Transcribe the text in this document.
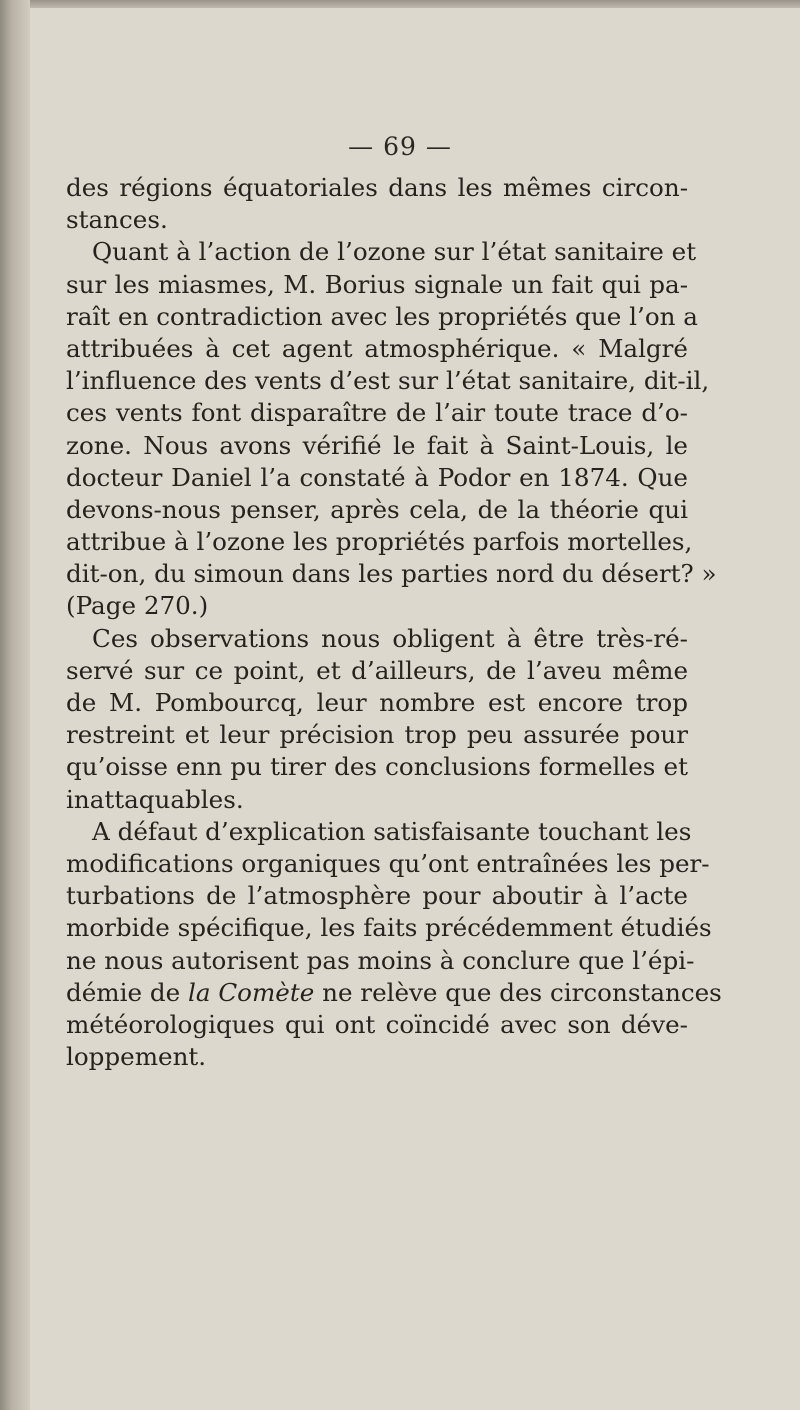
— 69 —
des régions équatoriales dans les mêmes circon-
stances.
Quant à l’action de l’ozone sur l’état sanitaire et
sur les miasmes, M. Borius signale un fait qui pa-
raît en contradiction avec les propriétés que l’on a
attribuées à cet agent atmosphérique. « Malgré
l’influence des vents d’est sur l’état sanitaire, dit-il,
ces vents font disparaître de l’air toute trace d’o-
zone. Nous avons vérifié le fait à Saint-Louis, le
docteur Daniel l’a constaté à Podor en 1874. Que
devons-nous penser, après cela, de la théorie qui
attribue à l’ozone les propriétés parfois mortelles,
dit-on, du simoun dans les parties nord du désert? »
(Page 270.)
Ces observations nous obligent à être très-ré-
servé sur ce point, et d’ailleurs, de l’aveu même
de M. Pombourcq, leur nombre est encore trop
restreint et leur précision trop peu assurée pour
qu’oisse enn pu tirer des conclusions formelles et
inattaquables.
A défaut d’explication satisfaisante touchant les
modifications organiques qu’ont entraînées les per-
turbations de l’atmosphère pour aboutir à l’acte
morbide spécifique, les faits précédemment étudiés
ne nous autorisent pas moins à conclure que l’épi-
démie de la Comète ne relève que des circonstances
météorologiques qui ont coïncidé avec son déve-
loppement.
